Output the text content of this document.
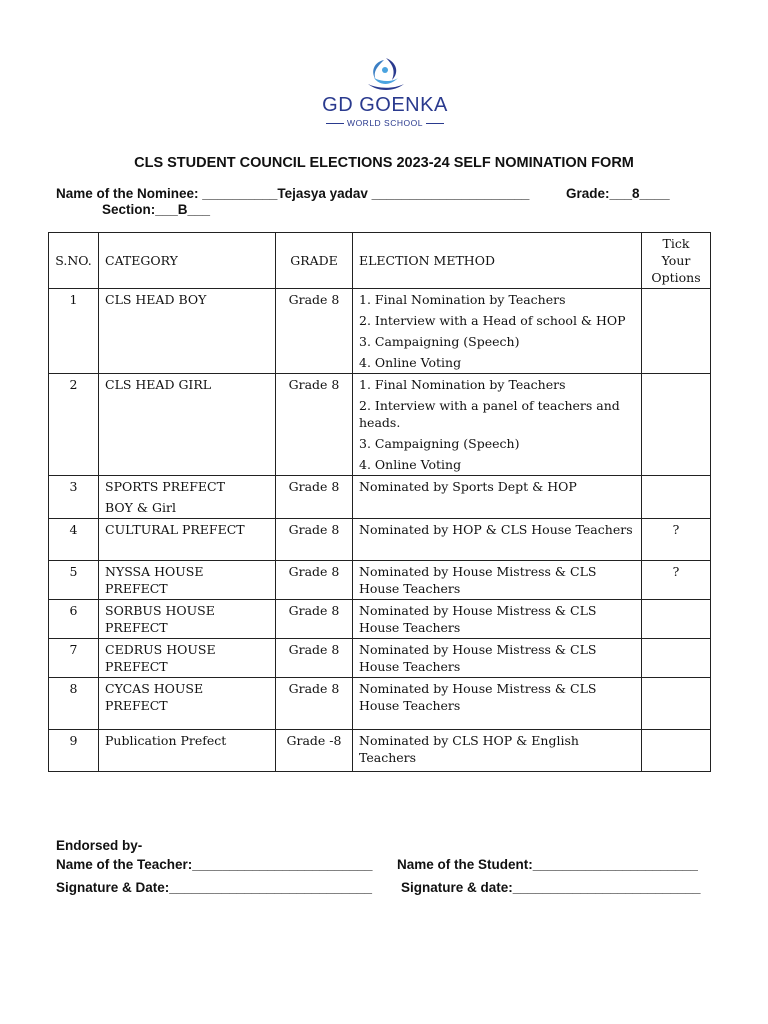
GD GOENKA
WORLD SCHOOL
CLS STUDENT COUNCIL ELECTIONS 2023-24 SELF NOMINATION FORM
Name of the Nominee: __________Tejasya yadav _____________________	Grade:___8____
Section:___B___
S.NO.	CATEGORY	GRADE	ELECTION METHOD	Tick Your Options
1	CLS HEAD BOY	Grade 8	1. Final Nomination by Teachers
2. Interview with a Head of school & HOP
3. Campaigning (Speech)
4. Online Voting	

2	CLS HEAD GIRL	Grade 8	1. Final Nomination by Teachers
2. Interview with a panel of teachers and heads.
3. Campaigning (Speech)
4. Online Voting	

3	SPORTS PREFECT
BOY & Girl	Grade 8	Nominated by Sports Dept & HOP	
4	CULTURAL PREFECT	Grade 8	Nominated by HOP & CLS House Teachers	?
5	NYSSA HOUSE PREFECT	Grade 8	Nominated by House Mistress & CLS House Teachers	?
6	SORBUS HOUSE PREFECT	Grade 8	Nominated by House Mistress & CLS House Teachers	
7	CEDRUS HOUSE PREFECT	Grade 8	Nominated by House Mistress & CLS House Teachers	
8	CYCAS HOUSE PREFECT	Grade 8	Nominated by House Mistress & CLS House Teachers	
9	Publication Prefect	Grade -8	Nominated by CLS HOP & English Teachers	
Endorsed by-
Name of the Teacher:________________________ Name of the Student:______________________
Signature & Date:___________________________ Signature & date:_________________________
